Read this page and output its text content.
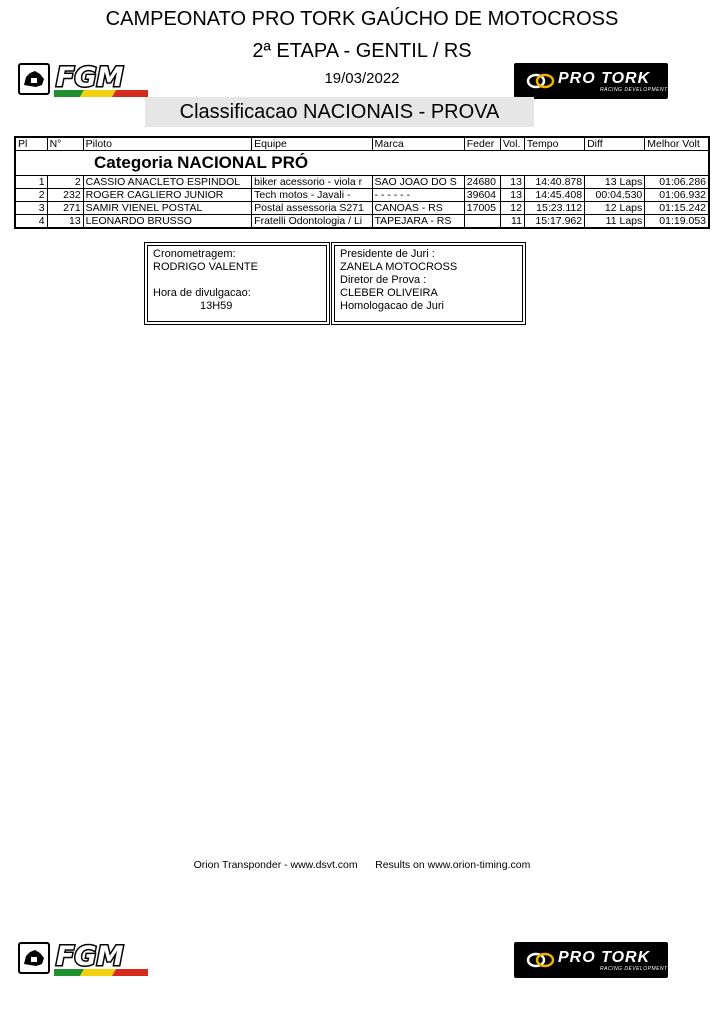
CAMPEONATO PRO TORK GAÚCHO DE MOTOCROSS
2ª ETAPA - GENTIL / RS
19/03/2022
FGM	PRO TORK
RACING DEVELOPMENT
Classificacao NACIONAIS - PROVA
Pl	N°	Piloto	Equipe	Marca	Feder	Vol.	Tempo	Diff	Melhor Volt
Categoria NACIONAL PRÓ									
1	2	CASSIO ANACLETO ESPINDOL	biker acessorio - viola r	SAO JOAO DO S	24680	13	14:40.878	13 Laps	01:06.286
2	232	ROGER CAGLIERO JUNIOR	Tech motos - Javali -	- - - - - -	39604	13	14:45.408	00:04.530	01:06.932
3	271	SAMIR VIENEL POSTAL	Postal assessoria S271	CANOAS - RS	17005	12	15:23.112	12 Laps	01:15.242
4	13	LEONARDO BRUSSO	Fratelli Odontologia / Li	TAPEJARA - RS		11	15:17.962	11 Laps	01:19.053
Cronometragem:
RODRIGO VALENTE
Hora de divulgacao:
13H59
Presidente de Juri :
ZANELA MOTOCROSS
Diretor de Prova :
CLEBER OLIVEIRA
Homologacao de Juri
Orion Transponder - www.dsvt.com      Results on www.orion-timing.com
FGM	PRO TORK
RACING DEVELOPMENT
